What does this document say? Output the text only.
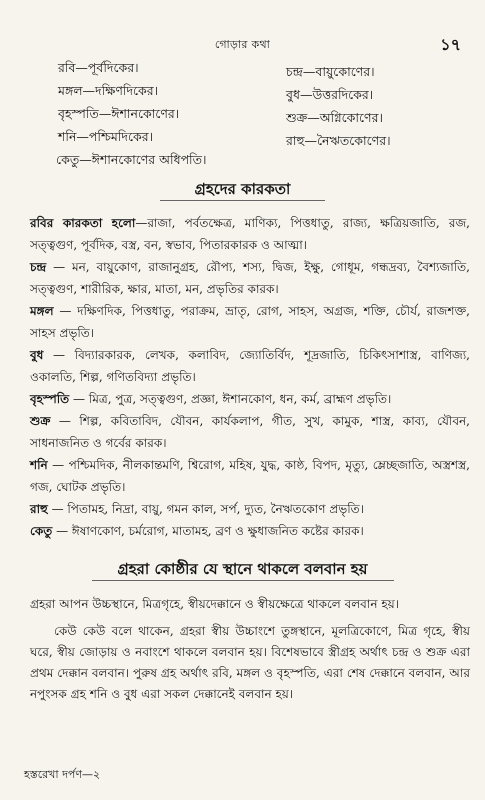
গোড়ার কথা	১৭
রবি—পূর্বদিকের।
মঙ্গল—দক্ষিণদিকের।
বৃহস্পতি—ঈশানকোণের।
শনি—পশ্চিমদিকের।
কেতু—ঈশানকোণের অধিপতি।
চন্দ্র—বায়ুকোণের।
বুধ—উত্তরদিকের।
শুক্র—অগ্নিকোণের।
রাহু—নৈঋতকোণের।
গ্রহদের কারকতা

রবির কারকতা হলো—রাজা, পর্বতক্ষেত্র, মাণিক্য, পিত্তধাতু, রাজ্য, ক্ষত্রিয়জাতি, রজ, সত্ত্বগুণ, পূর্বদিক, বস্ত্র, বন, স্বভাব, পিতারকারক ও আত্মা।

চন্দ্র — মন, বায়ুকোণ, রাজানুগ্রহ, রৌপ্য, শস্য, দ্বিজ, ইক্ষু, গোধূম, গন্ধদ্রব্য, বৈশ্যজাতি, সত্ত্বগুণ, শারীরিক, ক্ষার, মাতা, মন, প্রভৃতির কারক।

মঙ্গল — দক্ষিণদিক, পিত্তধাতু, পরাক্রম, ভ্রাতৃ, রোগ, সাহস, অগ্রজ, শক্তি, চৌর্য, রাজশক্ত, সাহস প্রভৃতি।

বুধ — বিদ্যারকারক, লেখক, কলাবিদ, জ্যোতির্বিদ, শূদ্রজাতি, চিকিৎসাশাস্ত্র, বাণিজ্য, ওকালতি, শিল্প, গণিতবিদ্যা প্রভৃতি।

বৃহস্পতি — মিত্র, পুত্র, সত্ত্বগুণ, প্রজ্ঞা, ঈশানকোণ, ধন, কর্ম, ব্রাহ্মণ প্রভৃতি।

শুক্র — শিল্প, কবিতাবিদ, যৌবন, কার্যকলাপ, গীত, সুখ, কামুক, শাস্ত্র, কাব্য, যৌবন, সাধনাজনিত ও গর্বের কারক।

শনি — পশ্চিমদিক, নীলকান্তমণি, শ্বিরোগ, মহিষ, যুদ্ধ, কাষ্ঠ, বিপদ, মৃত্যু, ম্লেচ্ছজাতি, অস্ত্রশস্ত্র, গজ, ঘোটক প্রভৃতি।

রাহু — পিতামহ, নিদ্রা, বায়ু, গমন কাল, সর্প, দ্যুত, নৈঋতকোণ প্রভৃতি।

কেতু — ঈষাণকোণ, চর্মরোগ, মাতামহ, ব্রণ ও ক্ষুধাজনিত কষ্টের কারক।

গ্রহরা কোষ্ঠীর যে স্থানে থাকলে বলবান হয়

গ্রহরা আপন উচ্চস্থানে, মিত্রগৃহে, স্বীয়দেক্কানে ও স্বীয়ক্ষেত্রে থাকলে বলবান হয়।

কেউ কেউ বলে থাকেন, গ্রহরা স্বীয় উচ্চাংশে তুঙ্গস্থানে, মূলত্রিকোণে, মিত্র গৃহে, স্বীয় ঘরে, স্বীয় জোড়ায় ও নবাংশে থাকলে বলবান হয়। বিশেষভাবে স্ত্রীগ্রহ অর্থাৎ চন্দ্র ও শুক্র এরা প্রথম দেক্কান বলবান। পুরুষ গ্রহ অর্থাৎ রবি, মঙ্গল ও বৃহস্পতি, এরা শেষ দেক্কানে বলবান, আর নপুংসক গ্রহ শনি ও বুধ এরা সকল দেক্কানেই বলবান হয়।

হস্তরেখা দর্পণ—২
